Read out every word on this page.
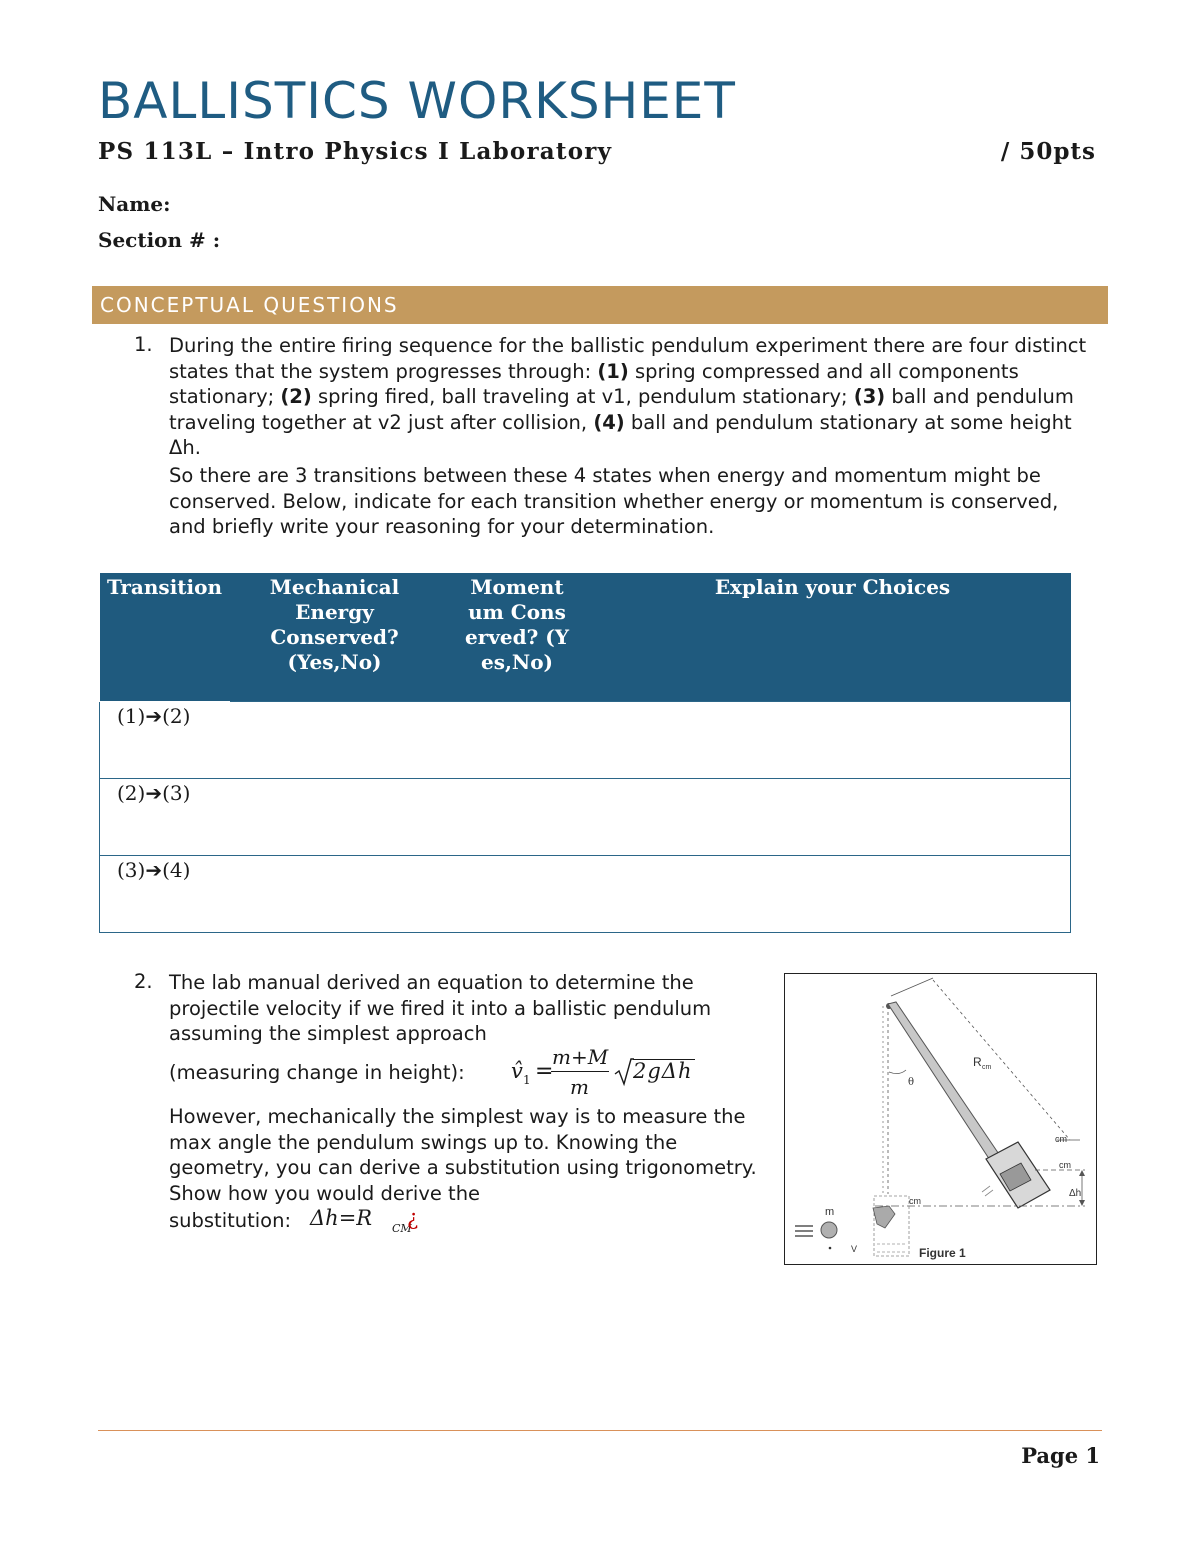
BALLISTICS WORKSHEET
PS 113L – Intro Physics I Laboratory	/ 50pts
Name:
Section # :
CONCEPTUAL QUESTIONS
1. During the entire firing sequence for the ballistic pendulum experiment there are four distinct states that the system progresses through: (1) spring compressed and all components stationary; (2) spring fired, ball traveling at v1, pendulum stationary; (3) ball and pendulum traveling together at v2 just after collision, (4) ball and pendulum stationary at some height Δh.
So there are 3 transitions between these 4 states when energy and momentum might be conserved. Below, indicate for each transition whether energy or momentum is conserved, and briefly write your reasoning for your determination.
Transition	Mechanical Energy Conserved? (Yes,No)	Momentum Conserved? (Yes,No)	Explain your Choices
(1)➔(2)			
(2)➔(3)			
(3)➔(4)			
2. The lab manual derived an equation to determine the projectile velocity if we fired it into a ballistic pendulum assuming the simplest approach
(measuring change in height): v̂ 1 =
m+M
m
2gΔh
However, mechanically the simplest way is to measure the max angle the pendulum swings up to. Knowing the geometry, you can derive a substitution using trigonometry. Show how you would derive the
substitution: Δh=R CM
¿
R cm
θ
cm
cm
Δh
cm
m
V	Figure 1
Page 1
